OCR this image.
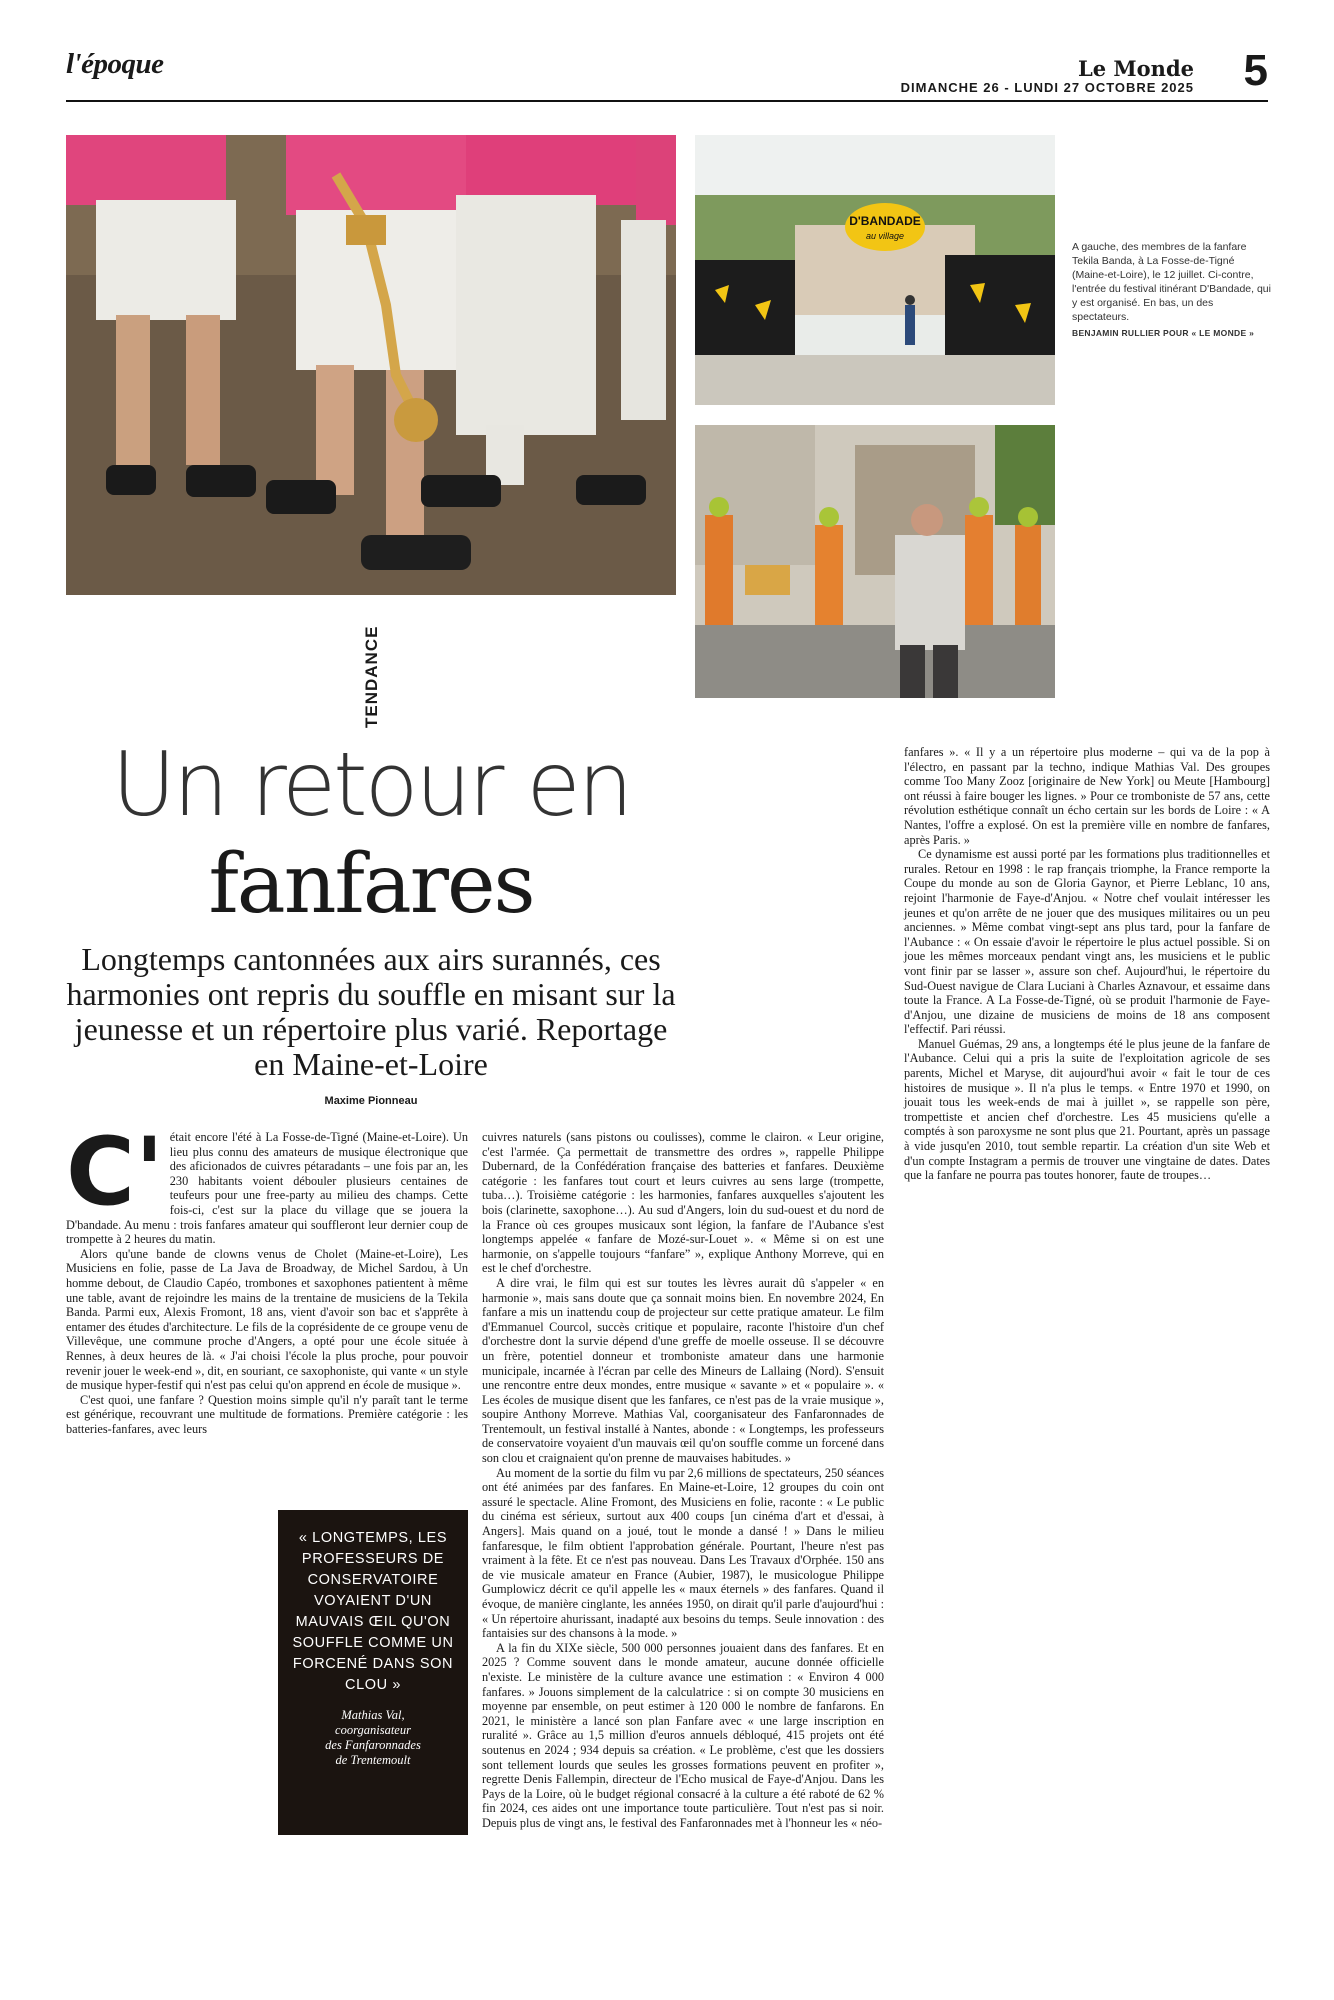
l'époque	5
Le Monde
DIMANCHE 26 - LUNDI 27 OCTOBRE 2025
D'BANDADE
au village
A gauche, des membres de la fanfare Tekila Banda, à La Fosse-de-Tigné (Maine-et-Loire), le 12 juillet. Ci-contre, l'entrée du festival itinérant D'Bandade, qui y est organisé. En bas, un des spectateurs.
BENJAMIN RULLIER POUR « LE MONDE »
TENDANCE
Un retour en
fanfares
Longtemps cantonnées aux airs surannés, ces harmonies ont repris du souffle en misant sur la jeunesse et un répertoire plus varié. Reportage en Maine-et-Loire
Maxime Pionneau

C' était encore l'été à La Fosse-de-Tigné (Maine-et-Loire). Un lieu plus connu des amateurs de musique électronique que des aficionados de cuivres pétaradants – une fois par an, les 230 habitants voient débouler plusieurs centaines de teufeurs pour une free-party au milieu des champs. Cette fois-ci, c'est sur la place du village que se jouera la D'bandade. Au menu : trois fanfares amateur qui souffleront leur dernier coup de trompette à 2 heures du matin.

Alors qu'une bande de clowns venus de Cholet (Maine-et-Loire), Les Musiciens en folie, passe de La Java de Broadway, de Michel Sardou, à Un homme debout, de Claudio Capéo, trombones et saxophones patientent à même une table, avant de rejoindre les mains de la trentaine de musiciens de la Tekila Banda. Parmi eux, Alexis Fromont, 18 ans, vient d'avoir son bac et s'apprête à entamer des études d'architecture. Le fils de la coprésidente de ce groupe venu de Villevêque, une commune proche d'Angers, a opté pour une école située à Rennes, à deux heures de là. « J'ai choisi l'école la plus proche, pour pouvoir revenir jouer le week-end », dit, en souriant, ce saxophoniste, qui vante « un style de musique hyper-festif qui n'est pas celui qu'on apprend en école de musique ».

C'est quoi, une fanfare ? Question moins simple qu'il n'y paraît tant le terme est générique, recouvrant une multitude de formations. Première catégorie : les batteries-fanfares, avec leurs

« LONGTEMPS, LES PROFESSEURS DE CONSERVATOIRE VOYAIENT D'UN MAUVAIS ŒIL QU'ON SOUFFLE COMME UN FORCENÉ DANS SON CLOU »
Mathias Val,
coorganisateur
des Fanfaronnades
de Trentemoult

cuivres naturels (sans pistons ou coulisses), comme le clairon. « Leur origine, c'est l'armée. Ça permettait de transmettre des ordres », rappelle Philippe Dubernard, de la Confédération française des batteries et fanfares. Deuxième catégorie : les fanfares tout court et leurs cuivres au sens large (trompette, tuba…). Troisième catégorie : les harmonies, fanfares auxquelles s'ajoutent les bois (clarinette, saxophone…). Au sud d'Angers, loin du sud-ouest et du nord de la France où ces groupes musicaux sont légion, la fanfare de l'Aubance s'est longtemps appelée « fanfare de Mozé-sur-Louet ». « Même si on est une harmonie, on s'appelle toujours “fanfare” », explique Anthony Morreve, qui en est le chef d'orchestre.

A dire vrai, le film qui est sur toutes les lèvres aurait dû s'appeler « en harmonie », mais sans doute que ça sonnait moins bien. En novembre 2024, En fanfare a mis un inattendu coup de projecteur sur cette pratique amateur. Le film d'Emmanuel Courcol, succès critique et populaire, raconte l'histoire d'un chef d'orchestre dont la survie dépend d'une greffe de moelle osseuse. Il se découvre un frère, potentiel donneur et tromboniste amateur dans une harmonie municipale, incarnée à l'écran par celle des Mineurs de Lallaing (Nord). S'ensuit une rencontre entre deux mondes, entre musique « savante » et « populaire ». « Les écoles de musique disent que les fanfares, ce n'est pas de la vraie musique », soupire Anthony Morreve. Mathias Val, coorganisateur des Fanfaronnades de Trentemoult, un festival installé à Nantes, abonde : « Longtemps, les professeurs de conservatoire voyaient d'un mauvais œil qu'on souffle comme un forcené dans son clou et craignaient qu'on prenne de mauvaises habitudes. »

Au moment de la sortie du film vu par 2,6 millions de spectateurs, 250 séances ont été animées par des fanfares. En Maine-et-Loire, 12 groupes du coin ont assuré le spectacle. Aline Fromont, des Musiciens en folie, raconte : « Le public du cinéma est sérieux, surtout aux 400 coups [un cinéma d'art et d'essai, à Angers]. Mais quand on a joué, tout le monde a dansé ! » Dans le milieu fanfaresque, le film obtient l'approbation générale. Pourtant, l'heure n'est pas vraiment à la fête. Et ce n'est pas nouveau. Dans Les Travaux d'Orphée. 150 ans de vie musicale amateur en France (Aubier, 1987), le musicologue Philippe Gumplowicz décrit ce qu'il appelle les « maux éternels » des fanfares. Quand il évoque, de manière cinglante, les années 1950, on dirait qu'il parle d'aujourd'hui : « Un répertoire ahurissant, inadapté aux besoins du temps. Seule innovation : des fantaisies sur des chansons à la mode. »

A la fin du XIXe siècle, 500 000 personnes jouaient dans des fanfares. Et en 2025 ? Comme souvent dans le monde amateur, aucune donnée officielle n'existe. Le ministère de la culture avance une estimation : « Environ 4 000 fanfares. » Jouons simplement de la calculatrice : si on compte 30 musiciens en moyenne par ensemble, on peut estimer à 120 000 le nombre de fanfarons. En 2021, le ministère a lancé son plan Fanfare avec « une large inscription en ruralité ». Grâce au 1,5 million d'euros annuels débloqué, 415 projets ont été soutenus en 2024 ; 934 depuis sa création. « Le problème, c'est que les dossiers sont tellement lourds que seules les grosses formations peuvent en profiter », regrette Denis Fallempin, directeur de l'Echo musical de Faye-d'Anjou. Dans les Pays de la Loire, où le budget régional consacré à la culture a été raboté de 62 % fin 2024, ces aides ont une importance toute particulière. Tout n'est pas si noir. Depuis plus de vingt ans, le festival des Fanfaronnades met à l'honneur les « néo-

fanfares ». « Il y a un répertoire plus moderne – qui va de la pop à l'électro, en passant par la techno, indique Mathias Val. Des groupes comme Too Many Zooz [originaire de New York] ou Meute [Hambourg] ont réussi à faire bouger les lignes. » Pour ce tromboniste de 57 ans, cette révolution esthétique connaît un écho certain sur les bords de Loire : « A Nantes, l'offre a explosé. On est la première ville en nombre de fanfares, après Paris. »

Ce dynamisme est aussi porté par les formations plus traditionnelles et rurales. Retour en 1998 : le rap français triomphe, la France remporte la Coupe du monde au son de Gloria Gaynor, et Pierre Leblanc, 10 ans, rejoint l'harmonie de Faye-d'Anjou. « Notre chef voulait intéresser les jeunes et qu'on arrête de ne jouer que des musiques militaires ou un peu anciennes. » Même combat vingt-sept ans plus tard, pour la fanfare de l'Aubance : « On essaie d'avoir le répertoire le plus actuel possible. Si on joue les mêmes morceaux pendant vingt ans, les musiciens et le public vont finir par se lasser », assure son chef. Aujourd'hui, le répertoire du Sud-Ouest navigue de Clara Luciani à Charles Aznavour, et essaime dans toute la France. A La Fosse-de-Tigné, où se produit l'harmonie de Faye-d'Anjou, une dizaine de musiciens de moins de 18 ans composent l'effectif. Pari réussi.

Manuel Guémas, 29 ans, a longtemps été le plus jeune de la fanfare de l'Aubance. Celui qui a pris la suite de l'exploitation agricole de ses parents, Michel et Maryse, dit aujourd'hui avoir « fait le tour de ces histoires de musique ». Il n'a plus le temps. « Entre 1970 et 1990, on jouait tous les week-ends de mai à juillet », se rappelle son père, trompettiste et ancien chef d'orchestre. Les 45 musiciens qu'elle a comptés à son paroxysme ne sont plus que 21. Pourtant, après un passage à vide jusqu'en 2010, tout semble repartir. La création d'un site Web et d'un compte Instagram a permis de trouver une vingtaine de dates. Dates que la fanfare ne pourra pas toutes honorer, faute de troupes…
